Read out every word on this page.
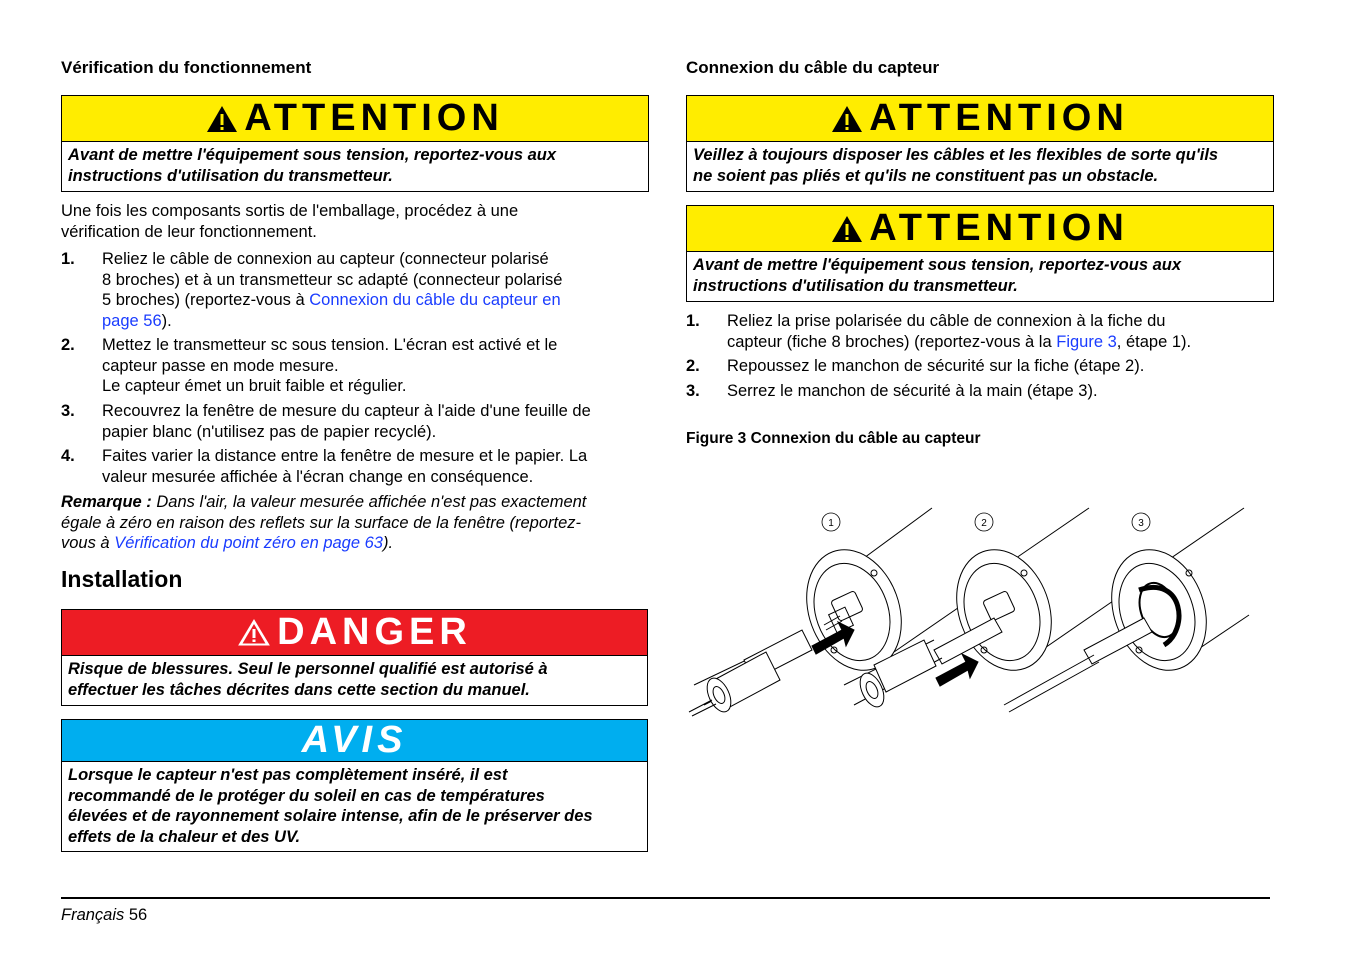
Vérification du fonctionnement
ATTENTION
Avant de mettre l'équipement sous tension, reportez-vous aux
instructions d'utilisation du transmetteur.
Une fois les composants sortis de l'emballage, procédez à une
vérification de leur fonctionnement.
1. Reliez le câble de connexion au capteur (connecteur polarisé
8 broches) et à un transmetteur sc adapté (connecteur polarisé
5 broches) (reportez-vous à Connexion du câble du capteur en
page 56).
2. Mettez le transmetteur sc sous tension. L'écran est activé et le
capteur passe en mode mesure.
Le capteur émet un bruit faible et régulier.
3. Recouvrez la fenêtre de mesure du capteur à l'aide d'une feuille de
papier blanc (n'utilisez pas de papier recyclé).
4. Faites varier la distance entre la fenêtre de mesure et le papier. La
valeur mesurée affichée à l'écran change en conséquence.
Remarque : Dans l'air, la valeur mesurée affichée n'est pas exactement
égale à zéro en raison des reflets sur la surface de la fenêtre (reportez-
vous à Vérification du point zéro en page 63).
Installation
DANGER
Risque de blessures. Seul le personnel qualifié est autorisé à
effectuer les tâches décrites dans cette section du manuel.
AVIS
Lorsque le capteur n'est pas complètement inséré, il est
recommandé de le protéger du soleil en cas de températures
élevées et de rayonnement solaire intense, afin de le préserver des
effets de la chaleur et des UV.
Connexion du câble du capteur
ATTENTION
Veillez à toujours disposer les câbles et les flexibles de sorte qu'ils
ne soient pas pliés et qu'ils ne constituent pas un obstacle.
ATTENTION
Avant de mettre l'équipement sous tension, reportez-vous aux
instructions d'utilisation du transmetteur.
1. Reliez la prise polarisée du câble de connexion à la fiche du
capteur (fiche 8 broches) (reportez-vous à la Figure 3, étape 1).
2. Repoussez le manchon de sécurité sur la fiche (étape 2).
3. Serrez le manchon de sécurité à la main (étape 3).
Figure 3 Connexion du câble au capteur
1	2	3
Français 56
